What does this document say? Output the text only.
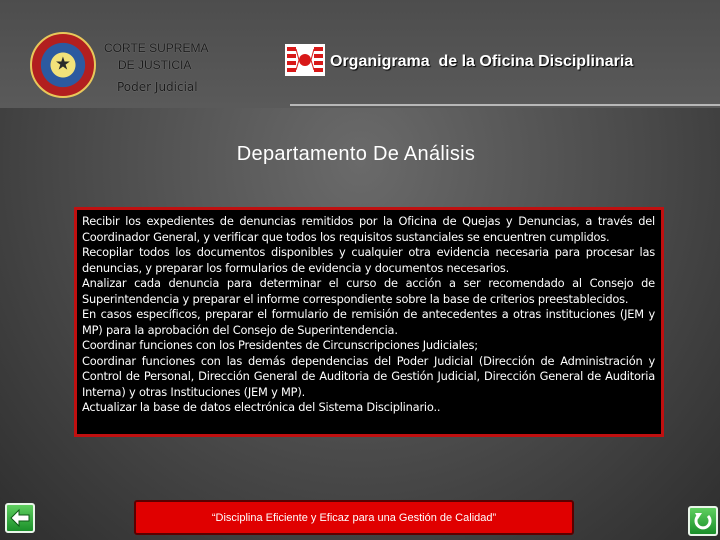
★
CORTE SUPREMA
DE JUSTICIA
Poder Judicial
Organigrama  de la Oficina Disciplinaria
Departamento De Análisis

Recibir los expedientes de denuncias remitidos por la Oficina de Quejas y Denuncias, a través del Coordinador General, y verificar que todos los requisitos sustanciales se encuentren cumplidos.

Recopilar todos los documentos disponibles y cualquier otra evidencia necesaria para procesar las denuncias, y preparar los formularios de evidencia y documentos necesarios.

Analizar cada denuncia para determinar el curso de acción a ser recomendado al Consejo de Superintendencia y preparar el informe correspondiente sobre la base de criterios preestablecidos.

En casos específicos, preparar el formulario de remisión de antecedentes a otras instituciones (JEM y MP) para la aprobación del Consejo de Superintendencia.

Coordinar funciones con los Presidentes de Circunscripciones Judiciales;

Coordinar funciones con las demás dependencias del Poder Judicial (Dirección de Administración y Control de Personal, Dirección General de Auditoria de Gestión Judicial, Dirección General de Auditoria Interna) y otras Instituciones (JEM y MP).

Actualizar la base de datos electrónica del Sistema Disciplinario..

“Disciplina Eficiente y Eficaz para una Gestión de Calidad”
